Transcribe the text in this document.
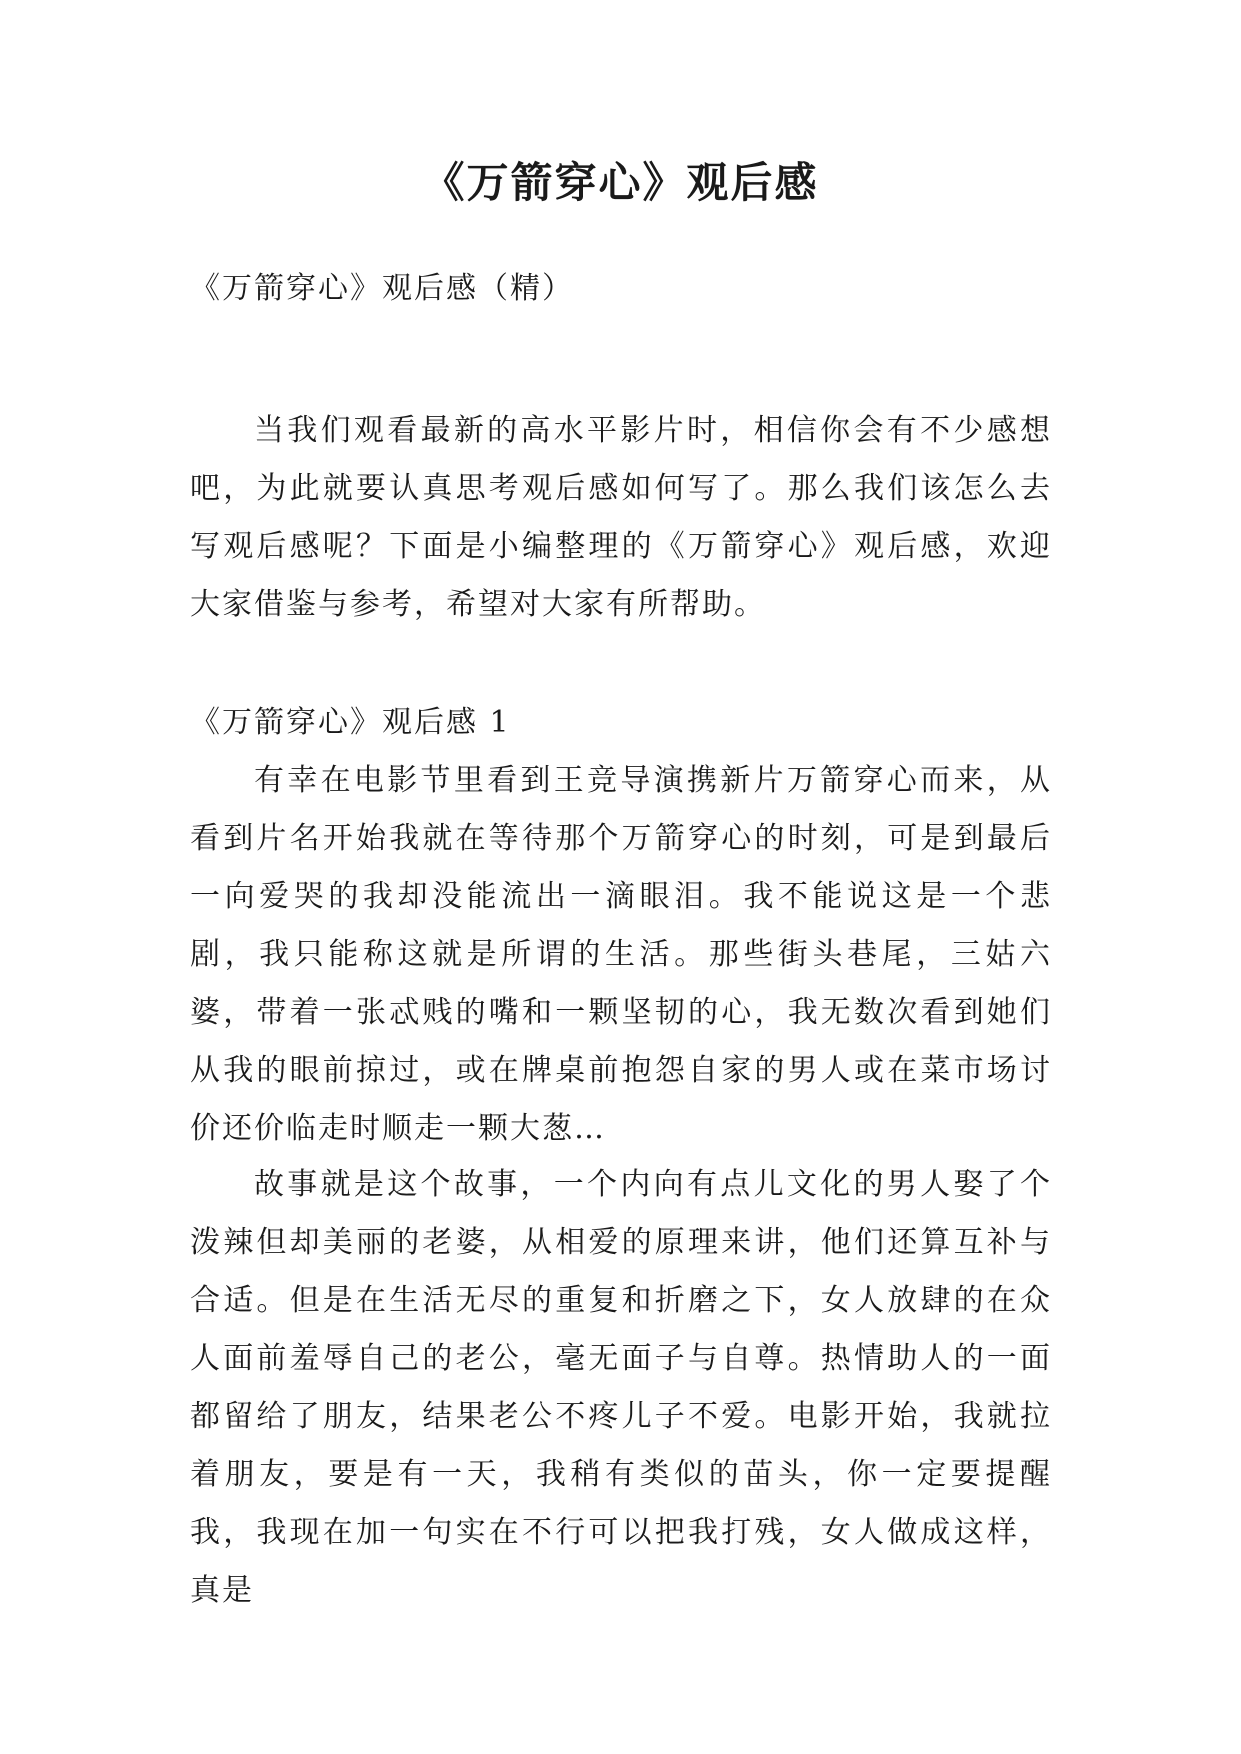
《万箭穿心》观后感

《万箭穿心》观后感（精）

当我们观看最新的高水平影片时，相信你会有不少感想吧，为此就要认真思考观后感如何写了。那么我们该怎么去写观后感呢？下面是小编整理的《万箭穿心》观后感，欢迎大家借鉴与参考，希望对大家有所帮助。

《万箭穿心》观后感 1

有幸在电影节里看到王竞导演携新片万箭穿心而来，从看到片名开始我就在等待那个万箭穿心的时刻，可是到最后一向爱哭的我却没能流出一滴眼泪。我不能说这是一个悲剧，我只能称这就是所谓的生活。那些街头巷尾，三姑六婆，带着一张忒贱的嘴和一颗坚韧的心，我无数次看到她们从我的眼前掠过，或在牌桌前抱怨自家的男人或在菜市场讨价还价临走时顺走一颗大葱…

故事就是这个故事，一个内向有点儿文化的男人娶了个泼辣但却美丽的老婆，从相爱的原理来讲，他们还算互补与合适。但是在生活无尽的重复和折磨之下，女人放肆的在众人面前羞辱自己的老公，毫无面子与自尊。热情助人的一面都留给了朋友，结果老公不疼儿子不爱。电影开始，我就拉着朋友，要是有一天，我稍有类似的苗头，你一定要提醒我，我现在加一句实在不行可以把我打残，女人做成这样，真是
